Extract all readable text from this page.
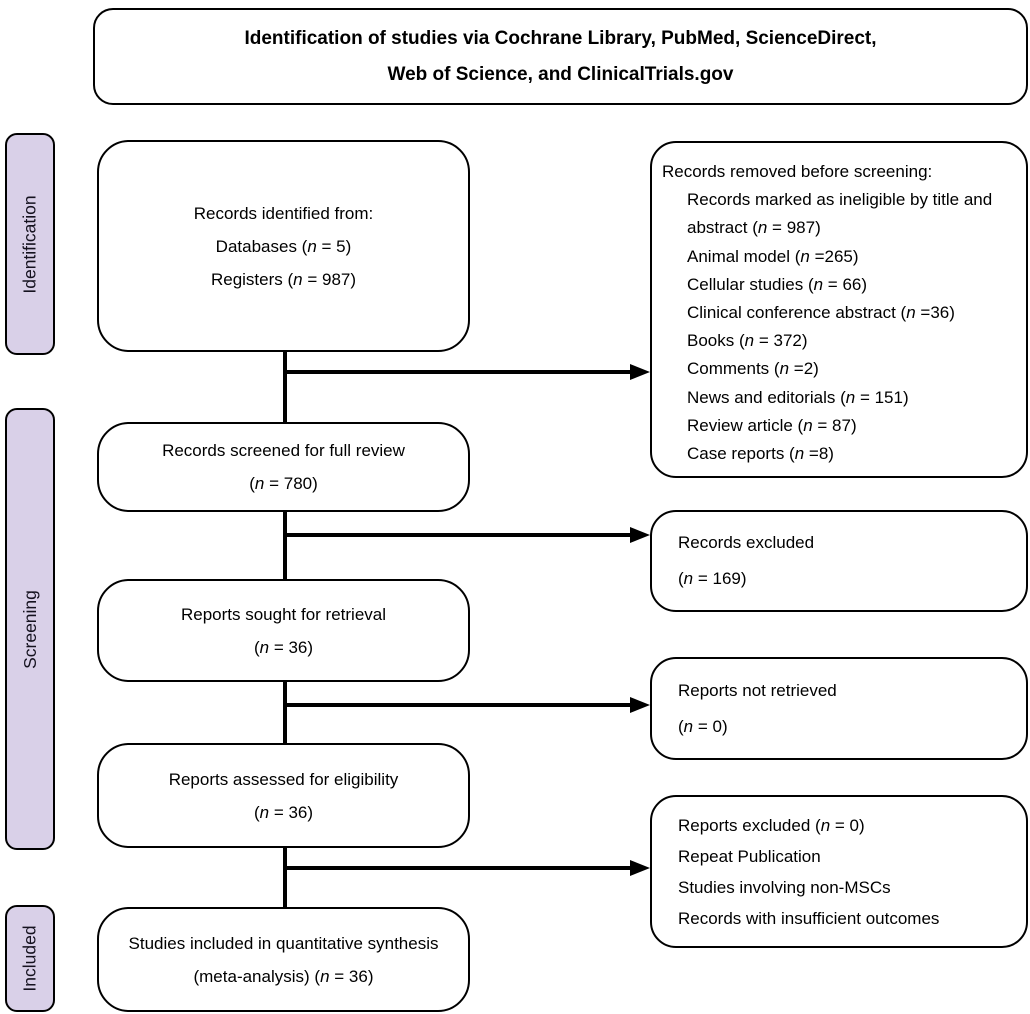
Identification of studies via Cochrane Library, PubMed, ScienceDirect,
Web of Science, and ClinicalTrials.gov
Identification
Screening
Included
Records identified from:
Databases (n = 5)
Registers (n = 987)
Records screened for full review
(n = 780)
Reports sought for retrieval
(n = 36)
Reports assessed for eligibility
(n = 36)
Studies included in quantitative synthesis
(meta-analysis) (n = 36)
Records removed before screening:
Records marked as ineligible by title and abstract (n = 987)
Animal model (n =265)
Cellular studies (n = 66)
Clinical conference abstract (n =36)
Books (n = 372)
Comments (n =2)
News and editorials (n = 151)
Review article (n = 87)
Case reports (n =8)
Records excluded
(n = 169)
Reports not retrieved
(n = 0)
Reports excluded (n = 0)
Repeat Publication
Studies involving non-MSCs
Records with insufficient outcomes
